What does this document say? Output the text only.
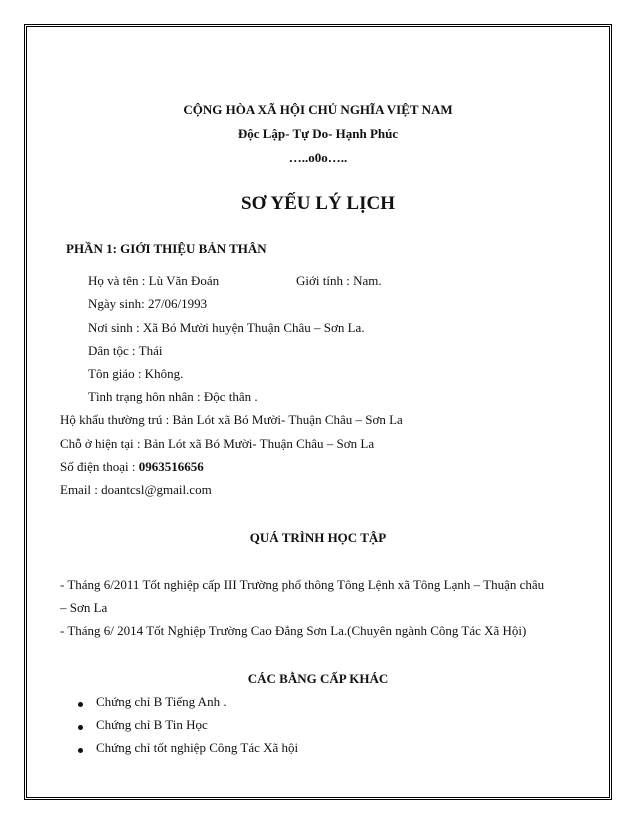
CỘNG HÒA XÃ HỘI CHỦ NGHĨA VIỆT NAM
Độc Lập- Tự Do- Hạnh Phúc
…..o0o…..
SƠ YẾU LÝ LỊCH
PHẦN 1: GIỚI THIỆU BẢN THÂN
Họ và tên : Lù Văn Đoán	Giới tính : Nam.
Ngày sinh: 27/06/1993
Nơi sinh : Xã Bó Mười huyện Thuận Châu – Sơn La.
Dân tộc : Thái
Tôn giáo : Không.
Tình trạng hôn nhân : Độc thân .
Hộ khẩu thường trú : Bản Lót xã Bó Mười- Thuận Châu – Sơn La
Chỗ ở hiện tại : Bản Lót xã Bó Mười- Thuận Châu – Sơn La
Số điện thoại : 0963516656
Email : doantcsl@gmail.com
QUÁ TRÌNH HỌC TẬP
- Tháng 6/2011 Tốt nghiệp cấp III Trường phổ thông Tông Lệnh xã Tông Lạnh – Thuận châu
– Sơn La
- Tháng 6/ 2014 Tốt Nghiệp Trường Cao Đẳng Sơn La.(Chuyên ngành Công Tác Xã Hội)
CÁC BẰNG CẤP KHÁC
Chứng chỉ B Tiếng Anh .
Chứng chỉ B Tin Học
Chứng chỉ tốt nghiệp Công Tác Xã hội
